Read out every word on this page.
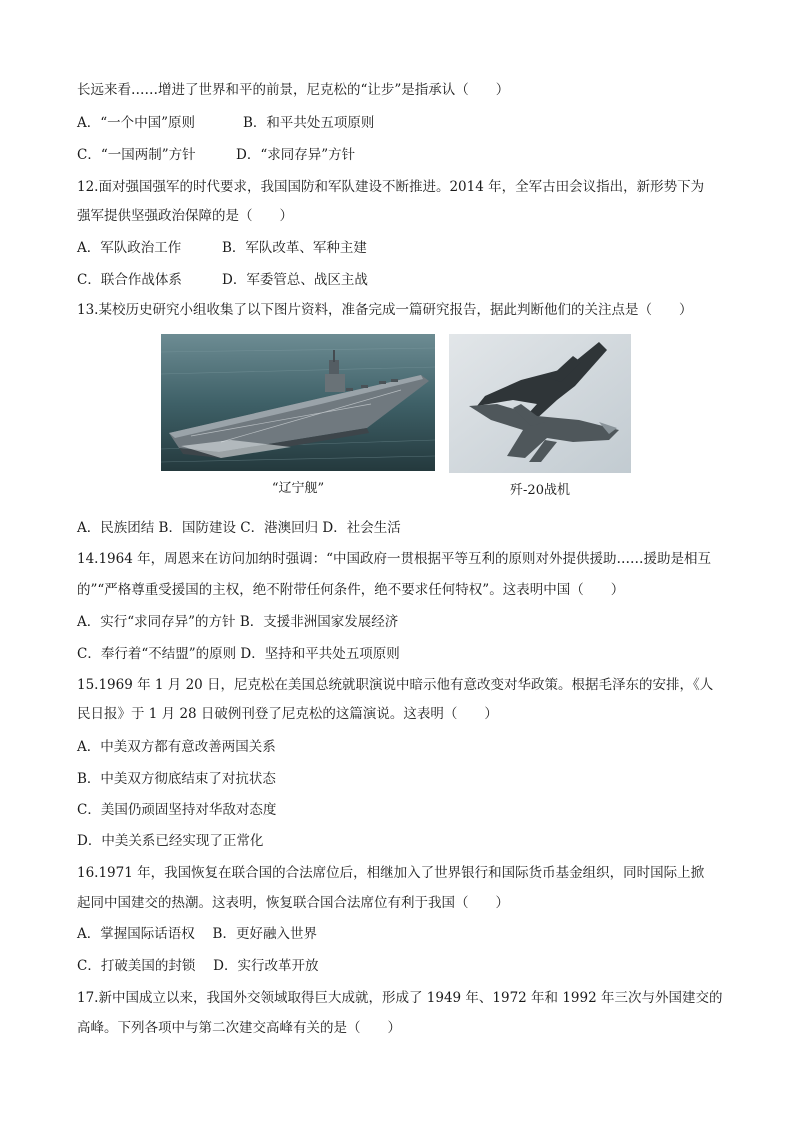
长远来看……增进了世界和平的前景，尼克松的“让步”是指承认（　　）
A．“一个中国”原则	B．和平共处五项原则
C．“一国两制”方针	D．“求同存异”方针
12.面对强国强军的时代要求，我国国防和军队建设不断推进。2014 年，全军古田会议指出，新形势下为
强军提供坚强政治保障的是（　　）
A．军队政治工作	B．军队改革、军种主建
C．联合作战体系	D．军委管总、战区主战
13.某校历史研究小组收集了以下图片资料，准备完成一篇研究报告，据此判断他们的关注点是（　　）
“辽宁舰”	歼-20战机
A．民族团结 B．国防建设 C．港澳回归 D．社会生活
14.1964 年，周恩来在访问加纳时强调：“中国政府一贯根据平等互利的原则对外提供援助……援助是相互
的”“严格尊重受援国的主权，绝不附带任何条件，绝不要求任何特权”。这表明中国（　　）
A．实行“求同存异”的方针 B．支援非洲国家发展经济
C．奉行着“不结盟”的原则 D．坚持和平共处五项原则
15.1969 年 1 月 20 日，尼克松在美国总统就职演说中暗示他有意改变对华政策。根据毛泽东的安排，《人
民日报》于 1 月 28 日破例刊登了尼克松的这篇演说。这表明（　　）
A．中美双方都有意改善两国关系
B．中美双方彻底结束了对抗状态
C．美国仍顽固坚持对华敌对态度
D．中美关系已经实现了正常化
16.1971 年，我国恢复在联合国的合法席位后，相继加入了世界银行和国际货币基金组织，同时国际上掀
起同中国建交的热潮。这表明，恢复联合国合法席位有利于我国（　　）
A．掌握国际话语权　 B．更好融入世界
C．打破美国的封锁　 D．实行改革开放
17.新中国成立以来，我国外交领域取得巨大成就，形成了 1949 年、1972 年和 1992 年三次与外国建交的
高峰。下列各项中与第二次建交高峰有关的是（　　）
